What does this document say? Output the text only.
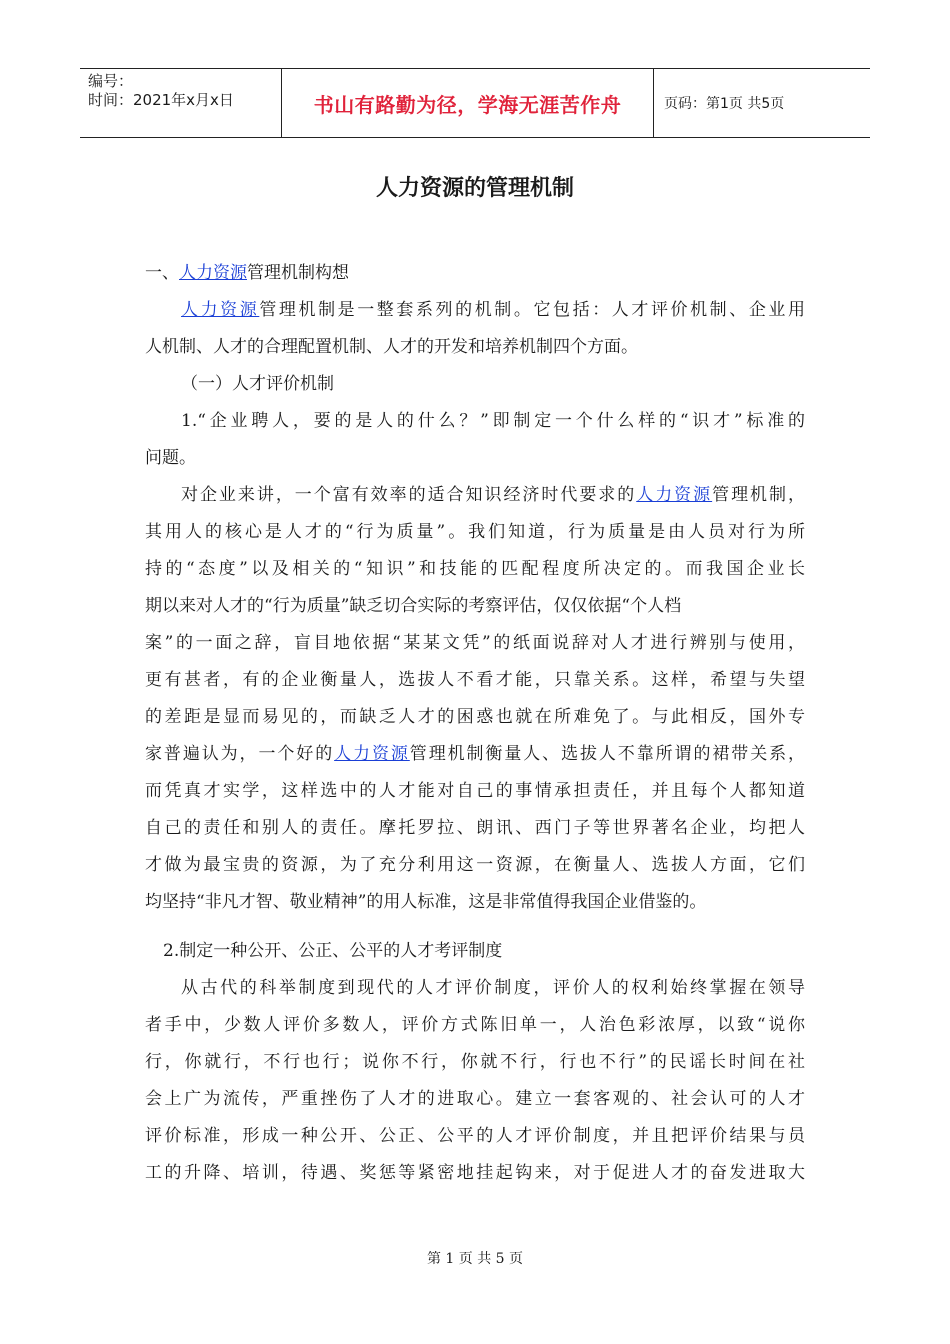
编号：
时间：2021年x月x日	书山有路勤为径，学海无涯苦作舟	页码：第1页 共5页
人力资源的管理机制
一、人力资源管理机制构想
人力资源管理机制是一整套系列的机制。它包括：人才评价机制、企业用
人机制、人才的合理配置机制、人才的开发和培养机制四个方面。
（一）人才评价机制
1.“企业聘人，要的是人的什么？”即制定一个什么样的“识才”标准的
问题。
对企业来讲，一个富有效率的适合知识经济时代要求的人力资源管理机制，
其用人的核心是人才的“行为质量”。我们知道，行为质量是由人员对行为所
持的“态度”以及相关的“知识”和技能的匹配程度所决定的。而我国企业长
期以来对人才的“行为质量”缺乏切合实际的考察评估，仅仅依据“个人档
案”的一面之辞，盲目地依据“某某文凭”的纸面说辞对人才进行辨别与使用，
更有甚者，有的企业衡量人，选拔人不看才能，只靠关系。这样，希望与失望
的差距是显而易见的，而缺乏人才的困惑也就在所难免了。与此相反，国外专
家普遍认为，一个好的人力资源管理机制衡量人、选拔人不靠所谓的裙带关系，
而凭真才实学，这样选中的人才能对自己的事情承担责任，并且每个人都知道
自己的责任和别人的责任。摩托罗拉、朗讯、西门子等世界著名企业，均把人
才做为最宝贵的资源，为了充分利用这一资源，在衡量人、选拔人方面，它们
均坚持“非凡才智、敬业精神”的用人标准，这是非常值得我国企业借鉴的。
2.制定一种公开、公正、公平的人才考评制度
从古代的科举制度到现代的人才评价制度，评价人的权利始终掌握在领导
者手中，少数人评价多数人，评价方式陈旧单一，人治色彩浓厚，以致“说你
行，你就行，不行也行；说你不行，你就不行，行也不行”的民谣长时间在社
会上广为流传，严重挫伤了人才的进取心。建立一套客观的、社会认可的人才
评价标准，形成一种公开、公正、公平的人才评价制度，并且把评价结果与员
工的升降、培训，待遇、奖惩等紧密地挂起钩来，对于促进人才的奋发进取大
第 1 页 共 5 页
